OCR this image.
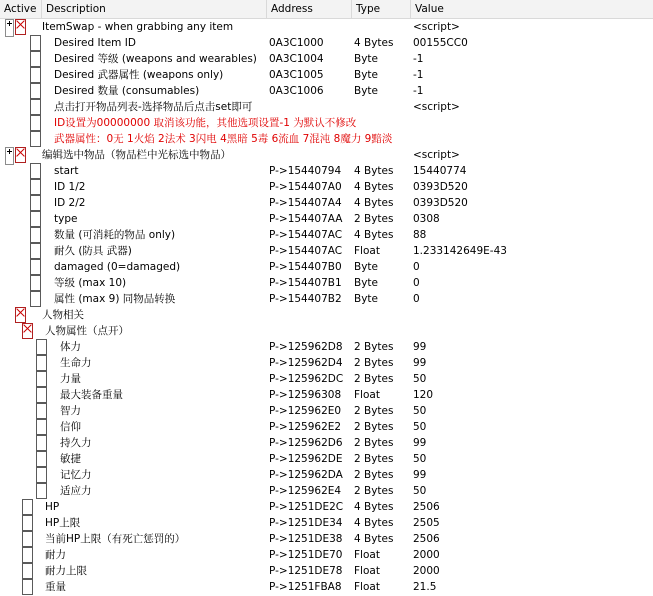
Active Description	Address	Type	Value
ItemSwap - when grabbing any item	<script>
Desired Item ID	0A3C1000	4 Bytes	00155CC0
Desired 等级 (weapons and wearables)	0A3C1004	Byte	-1
Desired 武器属性 (weapons only)	0A3C1005	Byte	-1
Desired 数量 (consumables)	0A3C1006	Byte	-1
点击打开物品列表-选择物品后点击set即可	<script>
ID设置为00000000 取消该功能，其他选项设置-1 为默认不修改
武器属性：0无 1火焰 2法术 3闪电 4黑暗 5毒 6流血 7混沌 8魔力 9黯淡
编辑选中物品（物品栏中光标选中物品）	<script>
start	P->15440794	4 Bytes	15440774
ID 1/2	P->154407A0	4 Bytes	0393D520
ID 2/2	P->154407A4	4 Bytes	0393D520
type	P->154407AA	2 Bytes	0308
数量 (可消耗的物品 only)	P->154407AC	4 Bytes	88
耐久 (防具 武器)	P->154407AC	Float	1.233142649E-43
damaged (0=damaged)	P->154407B0	Byte	0
等级 (max 10)	P->154407B1	Byte	0
属性 (max 9) 同物品转换	P->154407B2	Byte	0
人物相关
人物属性（点开）
体力	P->125962D8	2 Bytes	99
生命力	P->125962D4	2 Bytes	99
力量	P->125962DC	2 Bytes	50
最大装备重量	P->12596308	Float	120
智力	P->125962E0	2 Bytes	50
信仰	P->125962E2	2 Bytes	50
持久力	P->125962D6	2 Bytes	99
敏捷	P->125962DE	2 Bytes	50
记忆力	P->125962DA	2 Bytes	99
适应力	P->125962E4	2 Bytes	50
HP	P->1251DE2C	4 Bytes	2506
HP上限	P->1251DE34	4 Bytes	2505
当前HP上限（有死亡惩罚的）	P->1251DE38	4 Bytes	2506
耐力	P->1251DE70	Float	2000
耐力上限	P->1251DE78	Float	2000
重量	P->1251FBA8	Float	21.5
